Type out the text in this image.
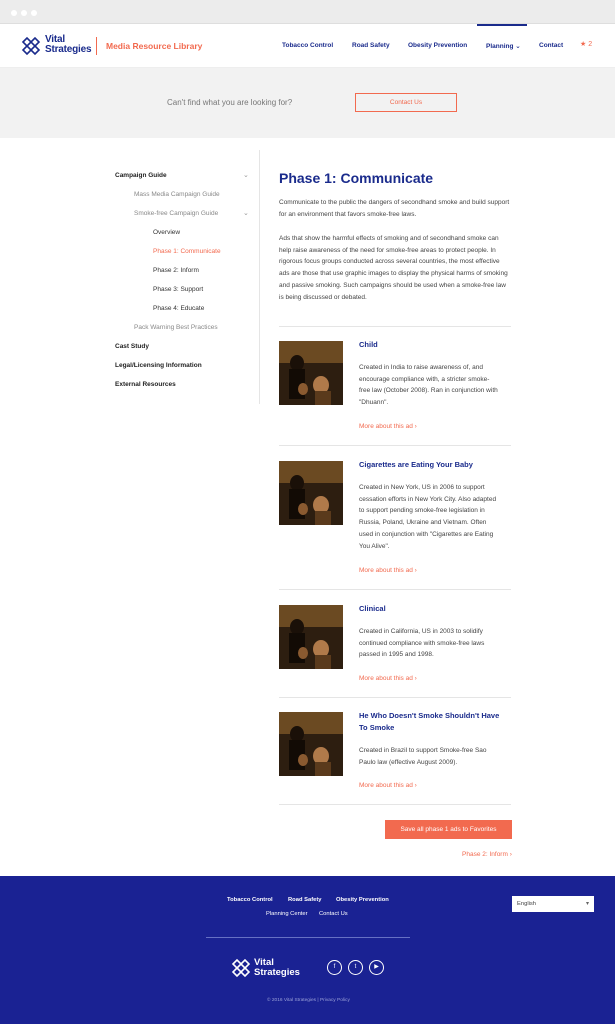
Vital
Strategies Media Resource Library	Tobacco Control	Road Safety	Obesity Prevention	Planning ⌄	Contact ★ 2
Can't find what you are looking for?	Contact Us
Campaign Guide	⌄
Mass Media Campaign Guide
Smoke-free Campaign Guide	⌄
Overview
Phase 1: Communicate
Phase 2: Inform
Phase 3: Support
Phase 4: Educate
Pack Warning Best Practices
Cast Study
Legal/Licensing Information
External Resources
Phase 1: Communicate

Communicate to the public the dangers of secondhand smoke and build support for an environment that favors smoke-free laws.

Ads that show the harmful effects of smoking and of secondhand smoke can help raise awareness of the need for smoke-free areas to protect people. In rigorous focus groups conducted across several countries, the most effective ads are those that use graphic images to display the physical harms of smoking and passive smoking. Such campaigns should be used when a smoke-free law is being discussed or debated.

Child

Created in India to raise awareness of, and encourage compliance with, a stricter smoke-free law (October 2008). Ran in conjunction with "Dhuann".

More about this ad ›
Cigarettes are Eating Your Baby

Created in New York, US in 2006 to support cessation efforts in New York City. Also adapted to support pending smoke-free legislation in Russia, Poland, Ukraine and Vietnam. Often used in conjunction with "Cigarettes are Eating You Alive".

More about this ad ›
Clinical

Created in California, US in 2003 to solidify continued compliance with smoke-free laws passed in 1995 and 1998.

More about this ad ›
He Who Doesn't Smoke Shouldn't Have To Smoke

Created in Brazil to support Smoke-free Sao Paulo law (effective August 2009).

More about this ad ›
Save all phase 1 ads to Favorites
Phase 2: Inform ›
Tobacco Control	Road Safety Obesity Prevention
Planning Center Contact Us
English	▾
Vital
Strategies	f	t	▶
© 2016 Vital Strategies | Privacy Policy
